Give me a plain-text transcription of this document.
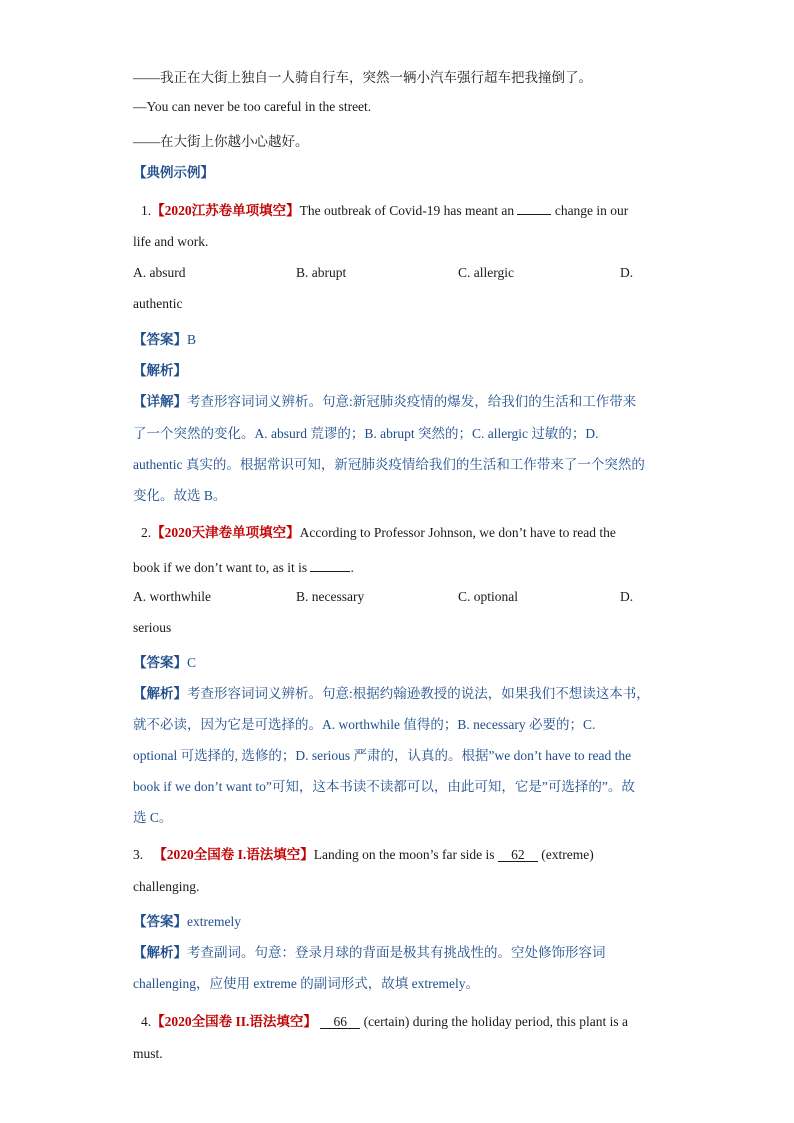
——我正在大街上独自一人骑自行车，突然一辆小汽车强行超车把我撞倒了。
—You can never be too careful in the street.
——在大街上你越小心越好。
【典例示例】
1.【2020江苏卷单项填空】The outbreak of Covid-19 has meant an	change in our
life and work.
A. absurd	B. abrupt	C. allergic	D.
authentic
【答案】B
【解析】
【详解】考查形容词词义辨析。句意:新冠肺炎疫情的爆发，给我们的生活和工作带来
了一个突然的变化。A. absurd 荒谬的；B. abrupt 突然的；C. allergic 过敏的；D.
authentic 真实的。根据常识可知，新冠肺炎疫情给我们的生活和工作带来了一个突然的
变化。故选 B。
2.【2020天津卷单项填空】According to Professor Johnson, we don’t have to read the
book if we don’t want to, as it is	.
A. worthwhile	B. necessary	C. optional	D.
serious
【答案】C
【解析】考查形容词词义辨析。句意:根据约翰逊教授的说法，如果我们不想读这本书，
就不必读，因为它是可选择的。A. worthwhile 值得的；B. necessary 必要的；C.
optional 可选择的, 选修的；D. serious 严肃的，认真的。根据”we don’t have to read the
book if we don’t want to”可知，这本书读不读都可以，由此可知，它是”可选择的”。故
选 C。
3. 【2020全国卷 I.语法填空】Landing on the moon’s far side is 62 (extreme)
challenging.
【答案】extremely
【解析】考查副词。句意：登录月球的背面是极其有挑战性的。空处修饰形容词
challenging，应使用 extreme 的副词形式，故填 extremely。
4.【2020全国卷 II.语法填空】 66 (certain) during the holiday period, this plant is a
must.
